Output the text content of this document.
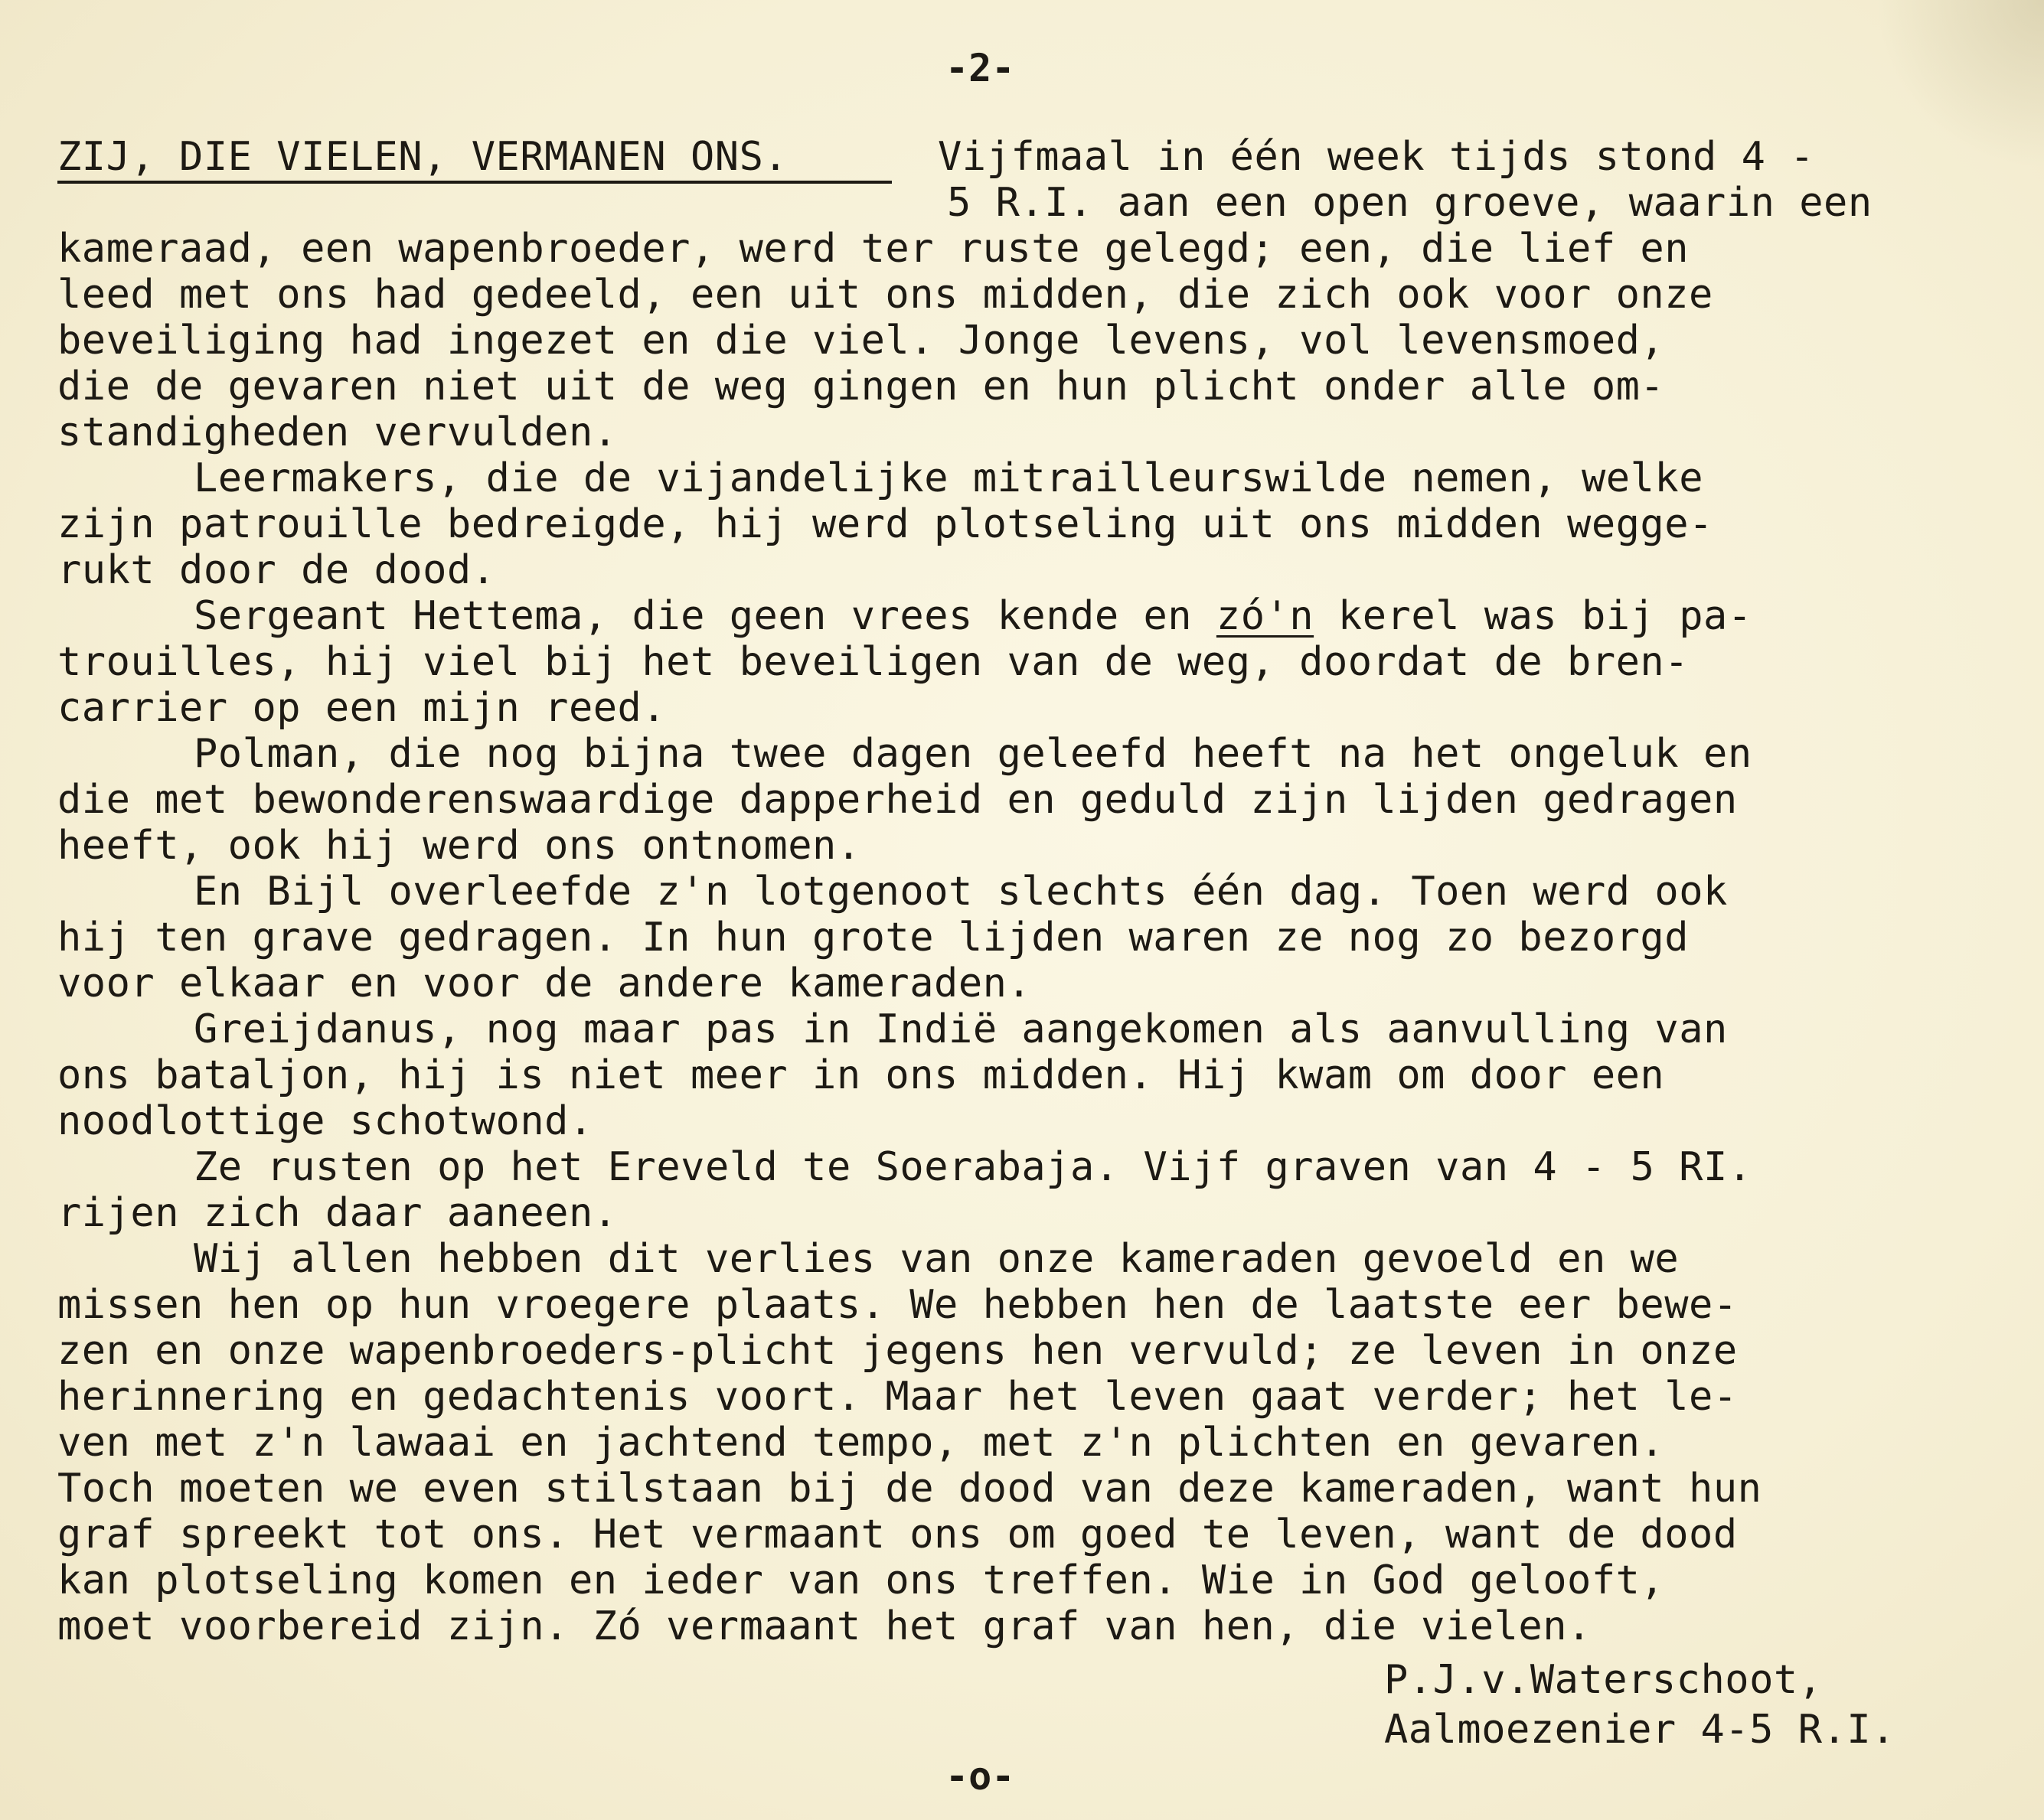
-2-
ZIJ, DIE VIELEN, VERMANEN ONS.	Vijfmaal in één week tijds stond 4 -
5 R.I. aan een open groeve, waarin een
kameraad, een wapenbroeder, werd ter ruste gelegd; een, die lief en
leed met ons had gedeeld, een uit ons midden, die zich ook voor onze
beveiliging had ingezet en die viel. Jonge levens, vol levensmoed,
die de gevaren niet uit de weg gingen en hun plicht onder alle om-
standigheden vervulden.
Leermakers, die de vijandelijke mitrailleurswilde nemen, welke
zijn patrouille bedreigde, hij werd plotseling uit ons midden wegge-
rukt door de dood.
Sergeant Hettema, die geen vrees kende en zó'n kerel was bij pa-
trouilles, hij viel bij het beveiligen van de weg, doordat de bren-
carrier op een mijn reed.
Polman, die nog bijna twee dagen geleefd heeft na het ongeluk en
die met bewonderenswaardige dapperheid en geduld zijn lijden gedragen
heeft, ook hij werd ons ontnomen.
En Bijl overleefde z'n lotgenoot slechts één dag. Toen werd ook
hij ten grave gedragen. In hun grote lijden waren ze nog zo bezorgd
voor elkaar en voor de andere kameraden.
Greijdanus, nog maar pas in Indië aangekomen als aanvulling van
ons bataljon, hij is niet meer in ons midden. Hij kwam om door een
noodlottige schotwond.
Ze rusten op het Ereveld te Soerabaja. Vijf graven van 4 - 5 RI.
rijen zich daar aaneen.
Wij allen hebben dit verlies van onze kameraden gevoeld en we
missen hen op hun vroegere plaats. We hebben hen de laatste eer bewe-
zen en onze wapenbroeders-plicht jegens hen vervuld; ze leven in onze
herinnering en gedachtenis voort. Maar het leven gaat verder; het le-
ven met z'n lawaai en jachtend tempo, met z'n plichten en gevaren.
Toch moeten we even stilstaan bij de dood van deze kameraden, want hun
graf spreekt tot ons. Het vermaant ons om goed te leven, want de dood
kan plotseling komen en ieder van ons treffen. Wie in God gelooft,
moet voorbereid zijn. Zó vermaant het graf van hen, die vielen.
P.J.v.Waterschoot,
Aalmoezenier 4-5 R.I.
-o-
